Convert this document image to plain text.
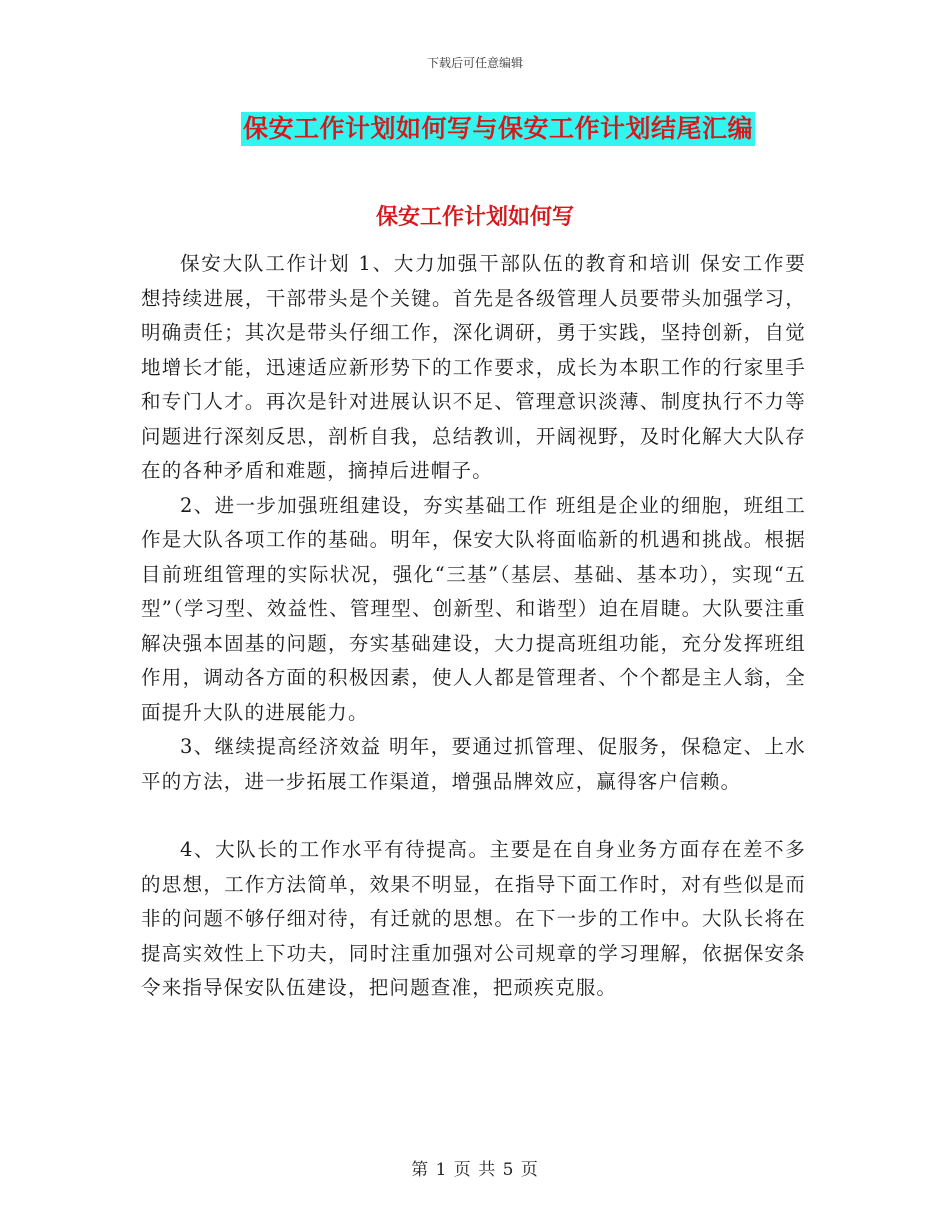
下载后可任意编辑
保安工作计划如何写与保安工作计划结尾汇编
保安工作计划如何写

保安大队工作计划 1、大力加强干部队伍的教育和培训 保安工作要想持续进展，干部带头是个关键。首先是各级管理人员要带头加强学习，明确责任；其次是带头仔细工作，深化调研，勇于实践，坚持创新，自觉地增长才能，迅速适应新形势下的工作要求，成长为本职工作的行家里手和专门人才。再次是针对进展认识不足、管理意识淡薄、制度执行不力等问题进行深刻反思，剖析自我，总结教训，开阔视野，及时化解大大队存在的各种矛盾和难题，摘掉后进帽子。

2、进一步加强班组建设，夯实基础工作 班组是企业的细胞，班组工作是大队各项工作的基础。明年，保安大队将面临新的机遇和挑战。根据目前班组管理的实际状况，强化“三基”（基层、基础、基本功），实现“五型”（学习型、效益性、管理型、创新型、和谐型）迫在眉睫。大队要注重解决强本固基的问题，夯实基础建设，大力提高班组功能，充分发挥班组作用，调动各方面的积极因素，使人人都是管理者、个个都是主人翁，全面提升大队的进展能力。

3、继续提高经济效益 明年，要通过抓管理、促服务，保稳定、上水平的方法，进一步拓展工作渠道，增强品牌效应，赢得客户信赖。

4、大队长的工作水平有待提高。主要是在自身业务方面存在差不多的思想，工作方法简单，效果不明显，在指导下面工作时，对有些似是而非的问题不够仔细对待，有迁就的思想。在下一步的工作中。大队长将在提高实效性上下功夫，同时注重加强对公司规章的学习理解，依据保安条令来指导保安队伍建设，把问题查准，把顽疾克服。

第 1 页 共 5 页
